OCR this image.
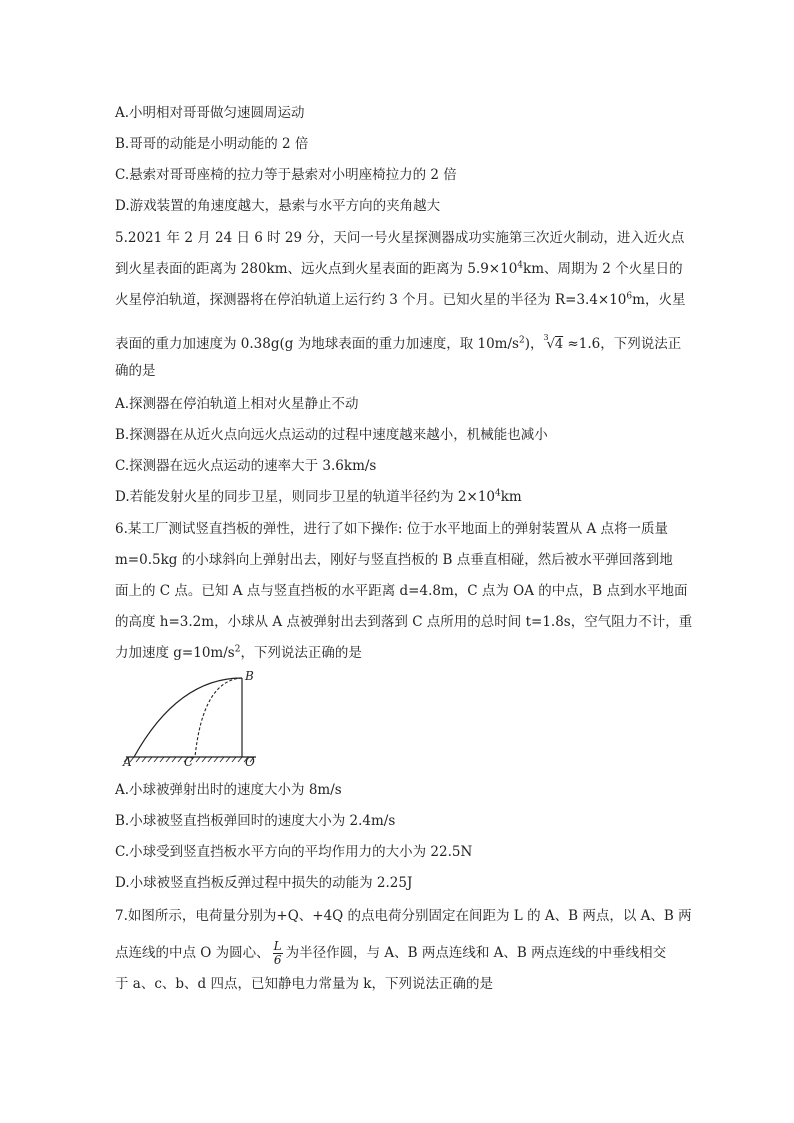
A.小明相对哥哥做匀速圆周运动
B.哥哥的动能是小明动能的 2 倍
C.悬索对哥哥座椅的拉力等于悬索对小明座椅拉力的 2 倍
D.游戏装置的角速度越大，悬索与水平方向的夹角越大
5.2021 年 2 月 24 日 6 时 29 分，天问一号火星探测器成功实施第三次近火制动，进入近火点
到火星表面的距离为 280km、远火点到火星表面的距离为 $5.9\times 10^4km$、周期为 2 个火星日的
火星停泊轨道，探测器将在停泊轨道上运行约 3 个月。已知火星的半径为 $R=3.4\times 10^6m$，火星
表面的重力加速度为 0.38g(g 为地球表面的重力加速度，取 $10m/s^2$)，$^3$√4 ≈1.6，下列说法正
确的是
A.探测器在停泊轨道上相对火星静止不动
B.探测器在从近火点向远火点运动的过程中速度越来越小，机械能也减小
C.探测器在远火点运动的速率大于 3.6km/s
D.若能发射火星的同步卫星，则同步卫星的轨道半径约为 $2\times 10^4km$
6.某工厂测试竖直挡板的弹性，进行了如下操作: 位于水平地面上的弹射装置从 A 点将一质量
m=0.5kg 的小球斜向上弹射出去，刚好与竖直挡板的 B 点垂直相碰，然后被水平弹回落到地
面上的 C 点。已知 A 点与竖直挡板的水平距离 d=4.8m，C 点为 OA 的中点，B 点到水平地面
的高度 h=3.2m，小球从 A 点被弹射出去到落到 C 点所用的总时间 t=1.8s，空气阻力不计，重
力加速度 $g=10m/s^2$，下列说法正确的是
A	C	O
B
A.小球被弹射出时的速度大小为 8m/s
B.小球被竖直挡板弹回时的速度大小为 2.4m/s
C.小球受到竖直挡板水平方向的平均作用力的大小为 22.5N
D.小球被竖直挡板反弹过程中损失的动能为 2.25J
7.如图所示，电荷量分别为+Q、+4Q 的点电荷分别固定在间距为 L 的 A、B 两点，以 A、B 两
点连线的中点 O 为圆心、 $\frac{L}{6}$ 为半径作圆，与 A、B 两点连线和 A、B 两点连线的中垂线相交
于 a、c、b、d 四点，已知静电力常量为 k，下列说法正确的是
